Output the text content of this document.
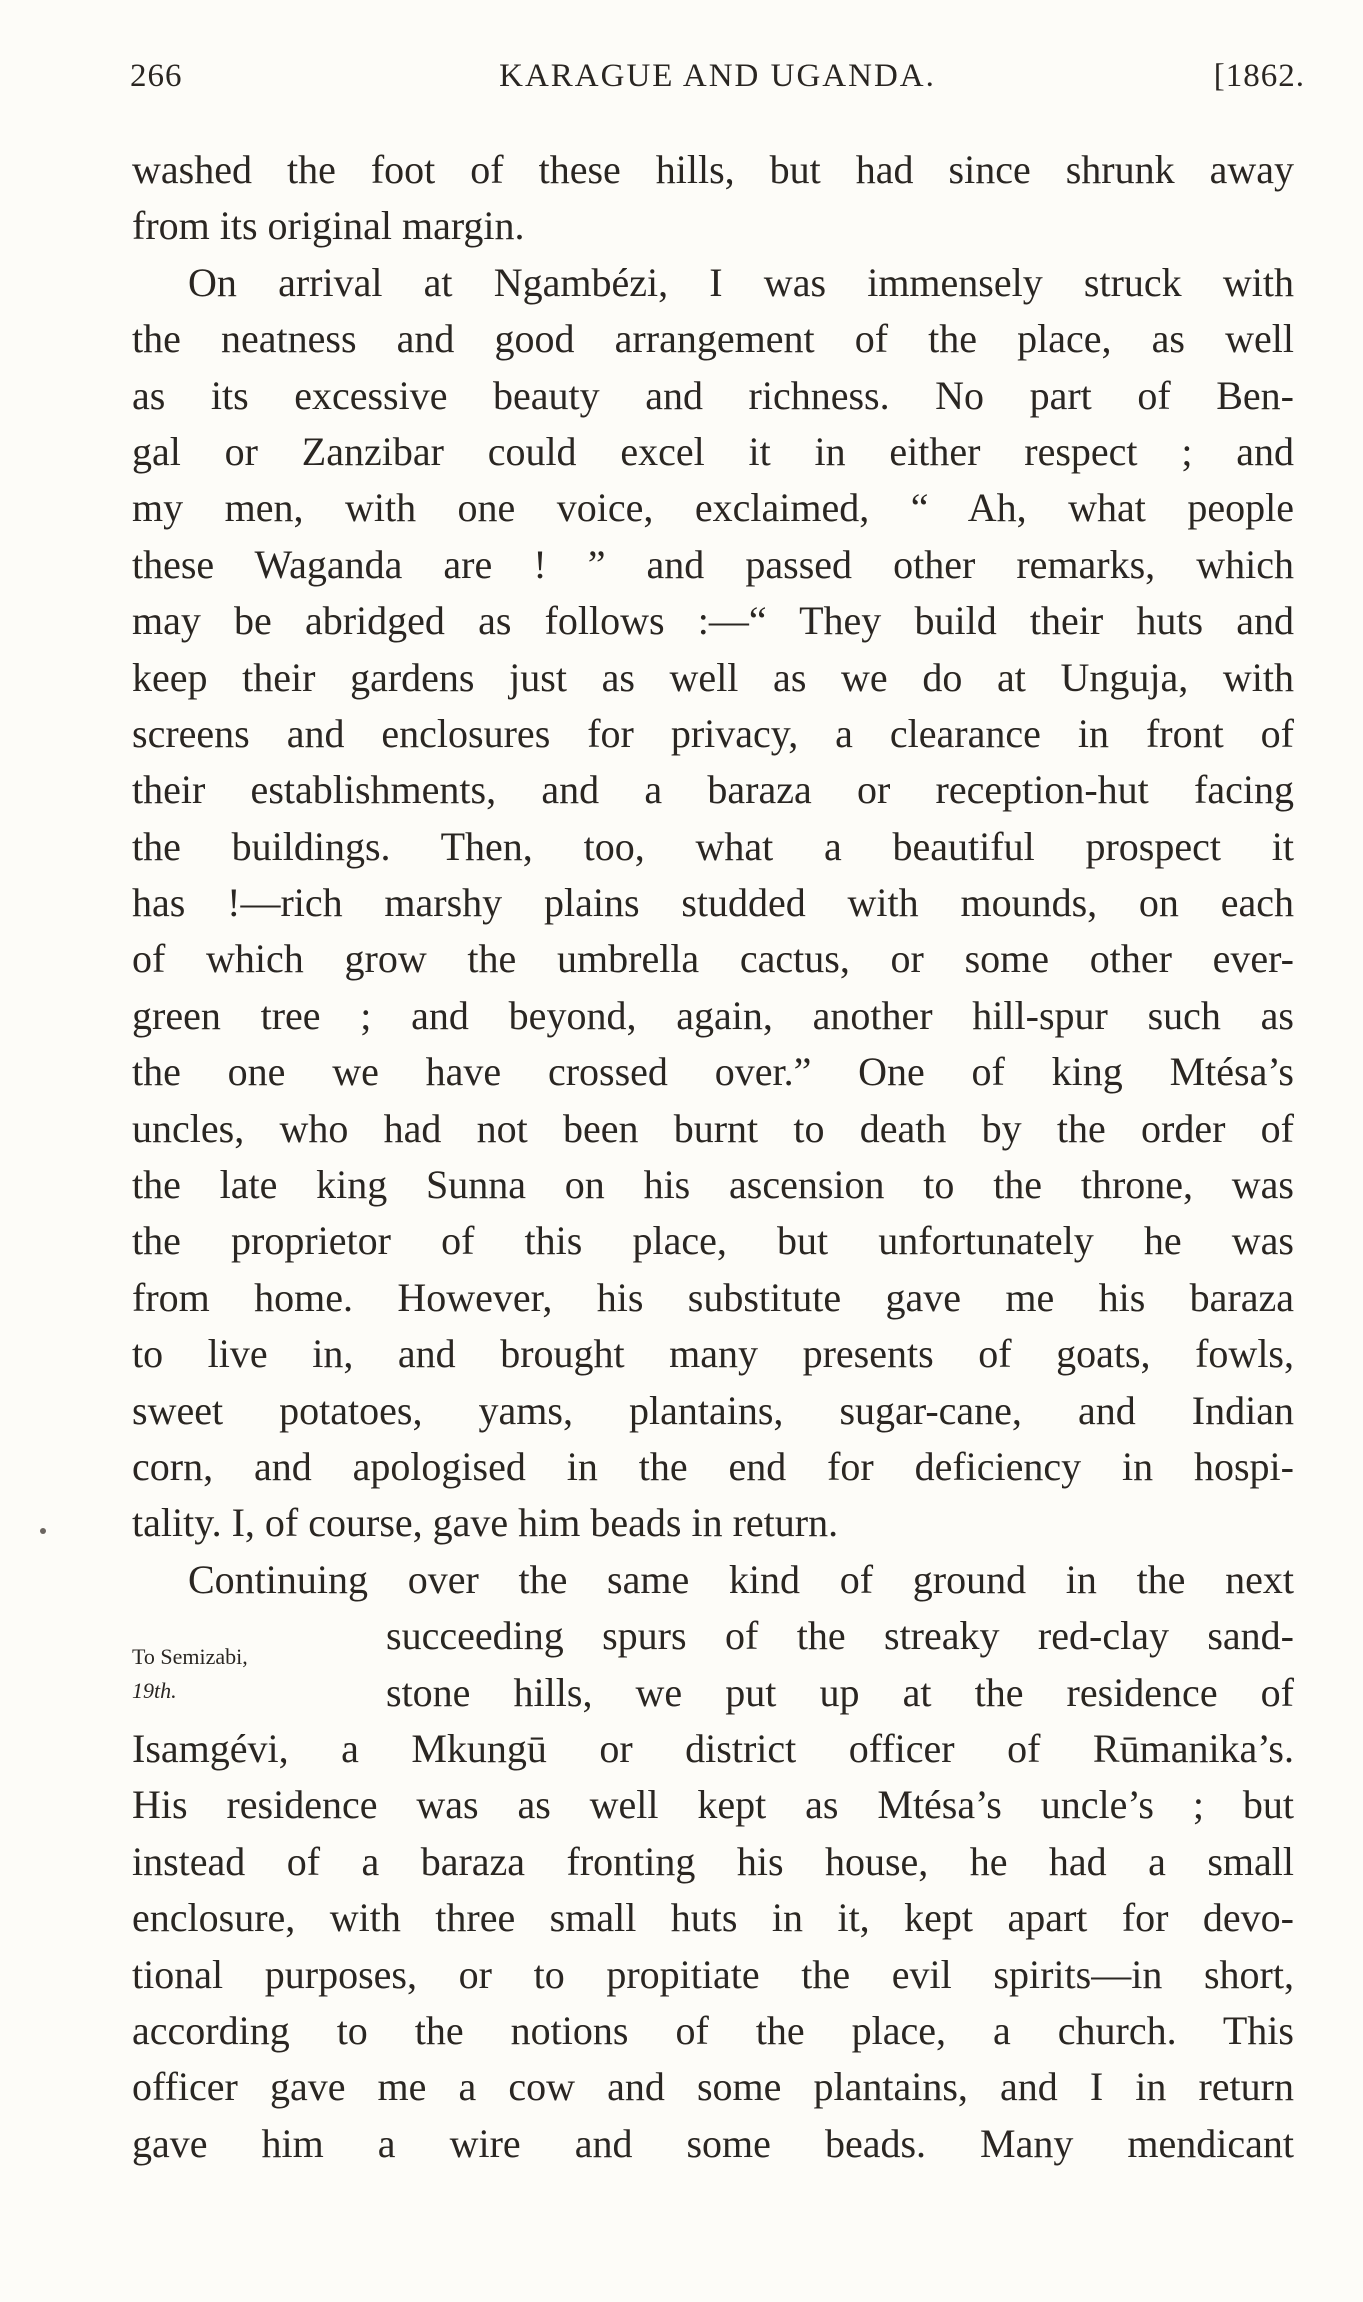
266	KARAGUE AND UGANDA.	[1862.
To Semizabi,
19th.
washed the foot of these hills, but had since shrunk away
from its original margin.
On arrival at Ngambézi, I was immensely struck with
the neatness and good arrangement of the place, as well
as its excessive beauty and richness. No part of Ben-
gal or Zanzibar could excel it in either respect ; and
my men, with one voice, exclaimed, “ Ah, what people
these Waganda are ! ” and passed other remarks, which
may be abridged as follows :—“ They build their huts and
keep their gardens just as well as we do at Unguja, with
screens and enclosures for privacy, a clearance in front of
their establishments, and a baraza or reception-hut facing
the buildings. Then, too, what a beautiful prospect it
has !—rich marshy plains studded with mounds, on each
of which grow the umbrella cactus, or some other ever-
green tree ; and beyond, again, another hill-spur such as
the one we have crossed over.” One of king Mtésa’s
uncles, who had not been burnt to death by the order of
the late king Sunna on his ascension to the throne, was
the proprietor of this place, but unfortunately he was
from home. However, his substitute gave me his baraza
to live in, and brought many presents of goats, fowls,
sweet potatoes, yams, plantains, sugar-cane, and Indian
corn, and apologised in the end for deficiency in hospi-
tality. I, of course, gave him beads in return.
Continuing over the same kind of ground in the next
succeeding spurs of the streaky red-clay sand-
stone hills, we put up at the residence of
Isamgévi, a Mkungū or district officer of Rūmanika’s.
His residence was as well kept as Mtésa’s uncle’s ; but
instead of a baraza fronting his house, he had a small
enclosure, with three small huts in it, kept apart for devo-
tional purposes, or to propitiate the evil spirits—in short,
according to the notions of the place, a church. This
officer gave me a cow and some plantains, and I in return
gave him a wire and some beads. Many mendicant
